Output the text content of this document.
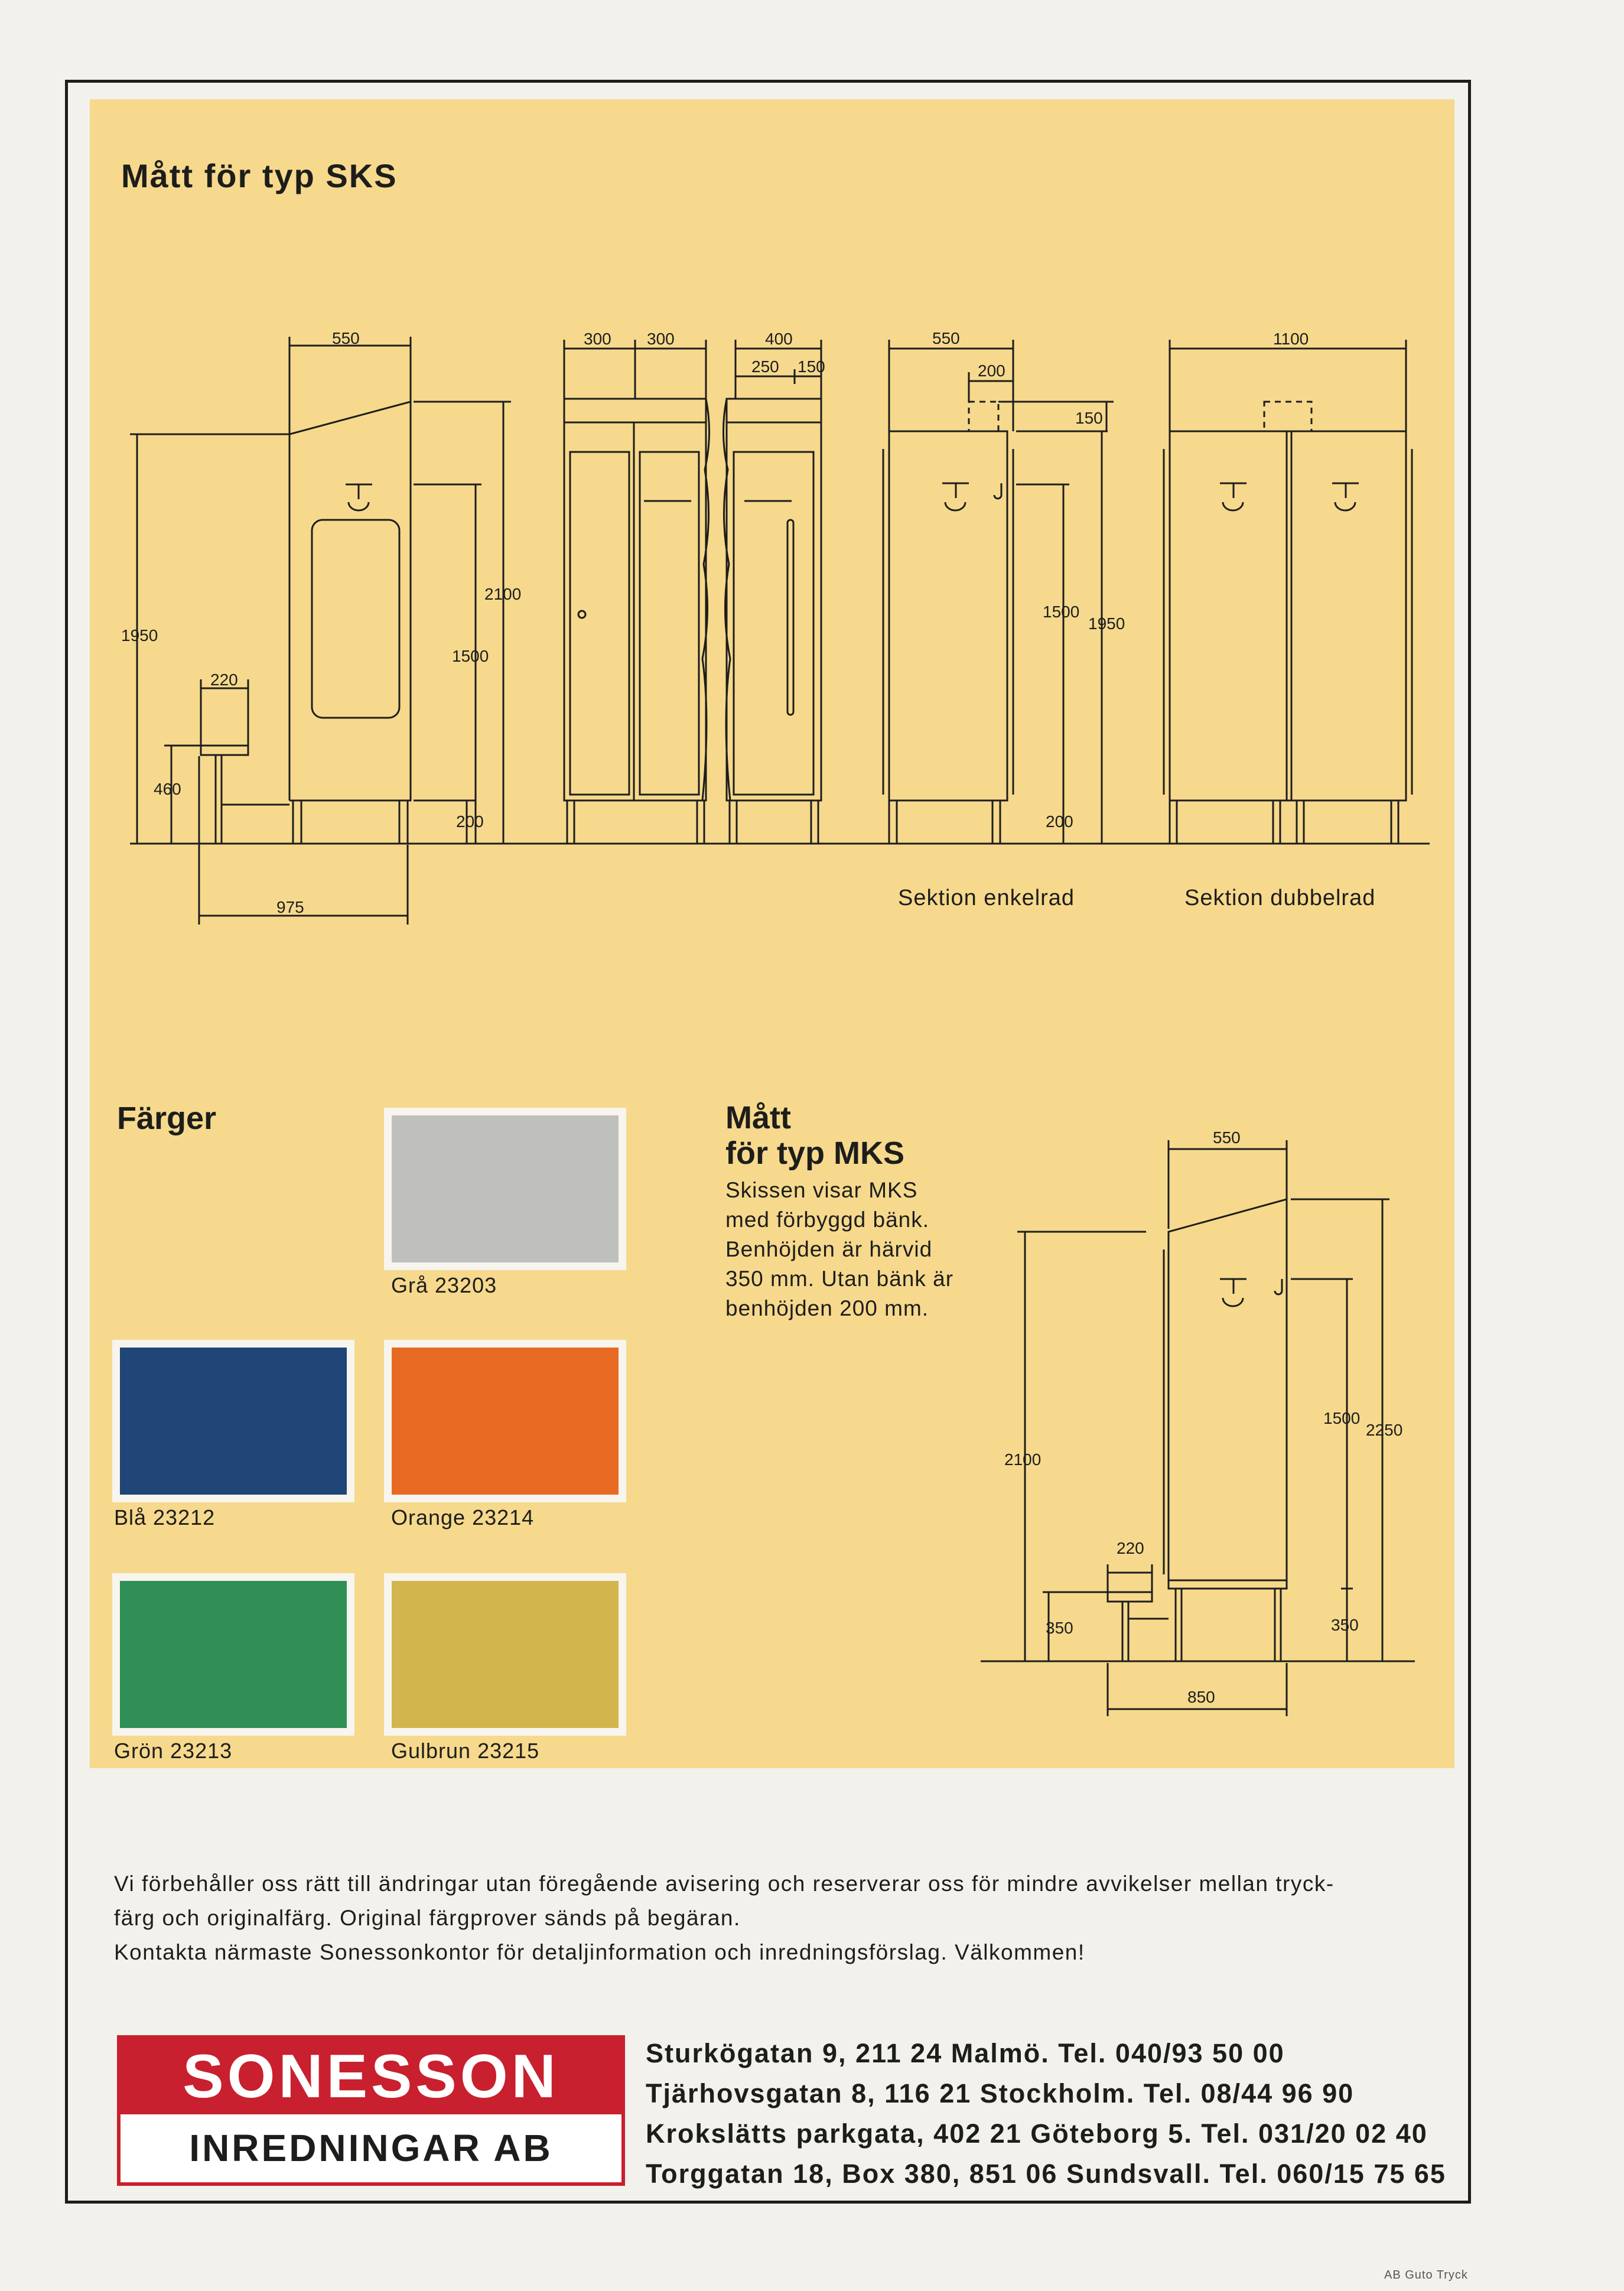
Mått för typ SKS
550
1950
2100
1500
220
460
200
975
300 300	400
250 150
550
200
150
1500
1950
200
1100
Sektion enkelrad	Sektion dubbelrad
Färger
Grå 23203
Blå 23212	Orange 23214
Grön 23213	Gulbrun 23215
Mått
för typ MKS
Skissen visar MKS
med förbyggd bänk.
Benhöjden är härvid
350 mm. Utan bänk är
benhöjden 200 mm.
550
2100
1500
2250
220
350	350
850
Vi förbehåller oss rätt till ändringar utan föregående avisering och reserverar oss för mindre avvikelser mellan tryck-
färg och originalfärg. Original färgprover sänds på begäran.
Kontakta närmaste Sonessonkontor för detaljinformation och inredningsförslag. Välkommen!
SONESSON
INREDNINGAR AB
Sturkögatan 9, 211 24 Malmö. Tel. 040/93 50 00
Tjärhovsgatan 8, 116 21 Stockholm. Tel. 08/44 96 90
Krokslätts parkgata, 402 21 Göteborg 5. Tel. 031/20 02 40
Torggatan 18, Box 380, 851 06 Sundsvall. Tel. 060/15 75 65
AB Guto Tryck
